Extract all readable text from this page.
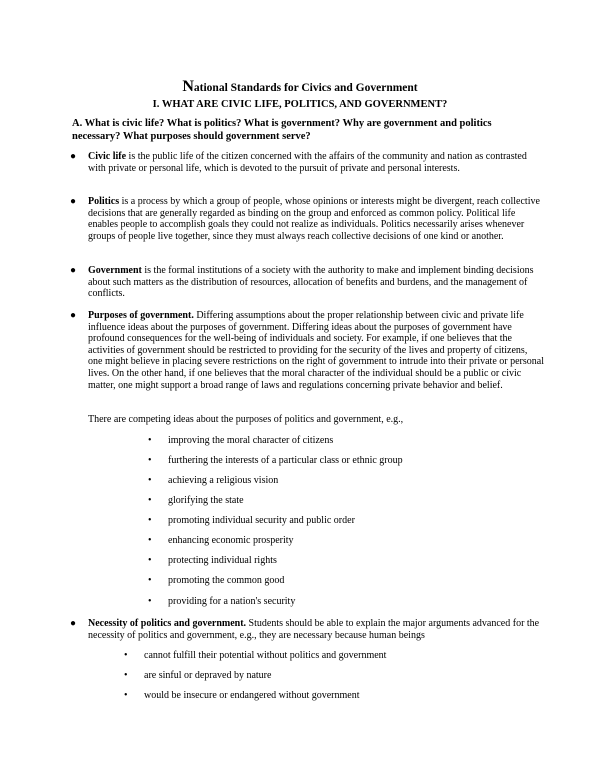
National Standards for Civics and Government
I. WHAT ARE CIVIC LIFE, POLITICS, AND GOVERNMENT?
A. What is civic life? What is politics? What is government? Why are government and politics necessary? What purposes should government serve?
● Civic life is the public life of the citizen concerned with the affairs of the community and nation as contrasted with private or personal life, which is devoted to the pursuit of private and personal interests.
● Politics is a process by which a group of people, whose opinions or interests might be divergent, reach collective decisions that are generally regarded as binding on the group and enforced as common policy. Political life enables people to accomplish goals they could not realize as individuals. Politics necessarily arises whenever groups of people live together, since they must always reach collective decisions of one kind or another.
● Government is the formal institutions of a society with the authority to make and implement binding decisions about such matters as the distribution of resources, allocation of benefits and burdens, and the management of conflicts.
● Purposes of government. Differing assumptions about the proper relationship between civic and private life influence ideas about the purposes of government. Differing ideas about the purposes of government have profound consequences for the well-being of individuals and society. For example, if one believes that the activities of government should be restricted to providing for the security of the lives and property of citizens, one might believe in placing severe restrictions on the right of government to intrude into their private or personal lives. On the other hand, if one believes that the moral character of the individual should be a public or civic matter, one might support a broad range of laws and regulations concerning private behavior and belief.
There are competing ideas about the purposes of politics and government, e.g.,
• improving the moral character of citizens
• furthering the interests of a particular class or ethnic group
• achieving a religious vision
• glorifying the state
• promoting individual security and public order
• enhancing economic prosperity
• protecting individual rights
• promoting the common good
• providing for a nation's security
● Necessity of politics and government. Students should be able to explain the major arguments advanced for the necessity of politics and government, e.g., they are necessary because human beings
• cannot fulfill their potential without politics and government
• are sinful or depraved by nature
• would be insecure or endangered without government
